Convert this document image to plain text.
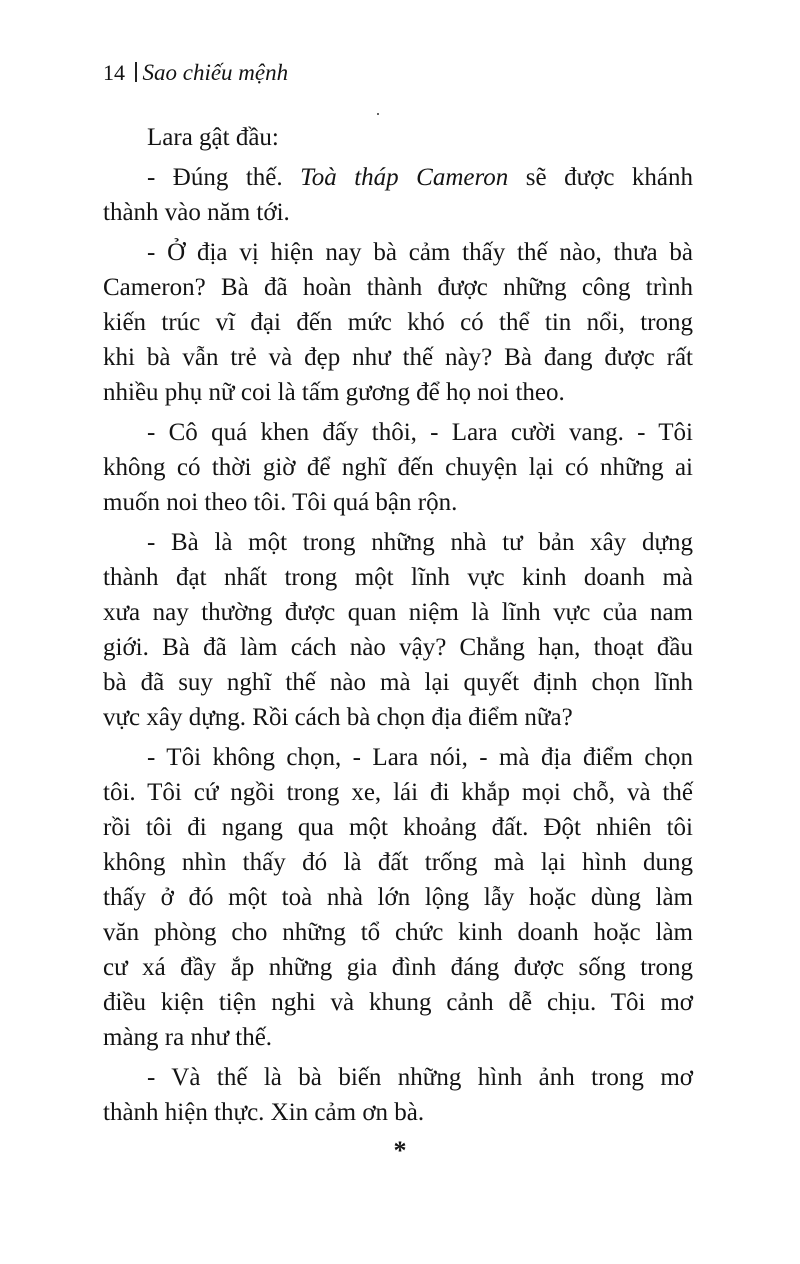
14 Sao chiếu mệnh
Lara gật đầu:
- Đúng thế. Toà tháp Cameron sẽ được khánh
thành vào năm tới.
- Ở địa vị hiện nay bà cảm thấy thế nào, thưa bà
Cameron? Bà đã hoàn thành được những công trình
kiến trúc vĩ đại đến mức khó có thể tin nổi, trong
khi bà vẫn trẻ và đẹp như thế này? Bà đang được rất
nhiều phụ nữ coi là tấm gương để họ noi theo.
- Cô quá khen đấy thôi, - Lara cười vang. - Tôi
không có thời giờ để nghĩ đến chuyện lại có những ai
muốn noi theo tôi. Tôi quá bận rộn.
- Bà là một trong những nhà tư bản xây dựng
thành đạt nhất trong một lĩnh vực kinh doanh mà
xưa nay thường được quan niệm là lĩnh vực của nam
giới. Bà đã làm cách nào vậy? Chẳng hạn, thoạt đầu
bà đã suy nghĩ thế nào mà lại quyết định chọn lĩnh
vực xây dựng. Rồi cách bà chọn địa điểm nữa?
- Tôi không chọn, - Lara nói, - mà địa điểm chọn
tôi. Tôi cứ ngồi trong xe, lái đi khắp mọi chỗ, và thế
rồi tôi đi ngang qua một khoảng đất. Đột nhiên tôi
không nhìn thấy đó là đất trống mà lại hình dung
thấy ở đó một toà nhà lớn lộng lẫy hoặc dùng làm
văn phòng cho những tổ chức kinh doanh hoặc làm
cư xá đầy ắp những gia đình đáng được sống trong
điều kiện tiện nghi và khung cảnh dễ chịu. Tôi mơ
màng ra như thế.
- Và thế là bà biến những hình ảnh trong mơ
thành hiện thực. Xin cảm ơn bà.
*
